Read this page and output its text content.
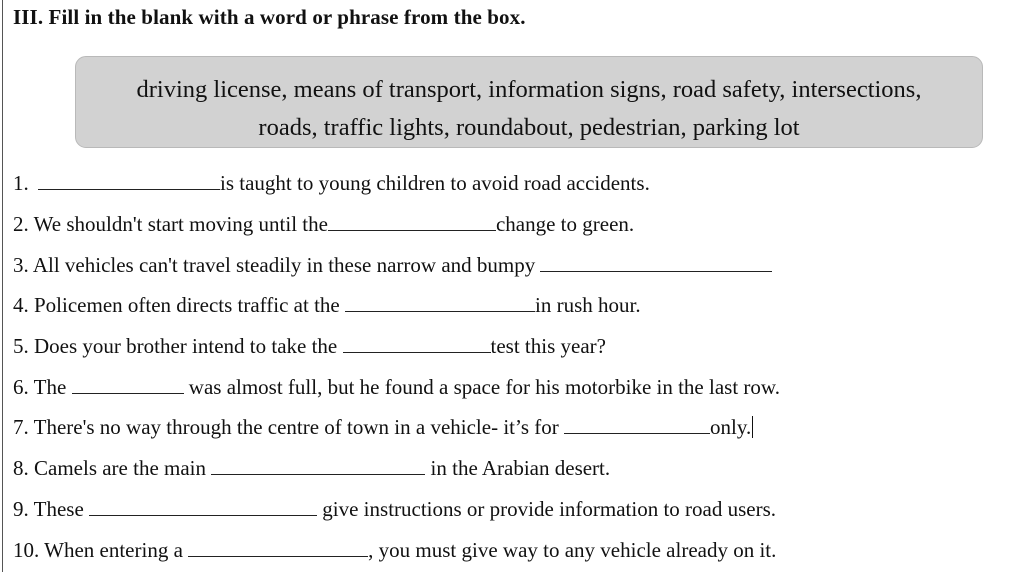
III. Fill in the blank with a word or phrase from the box.
driving license, means of transport, information signs, road safety, intersections,
roads, traffic lights, roundabout, pedestrian, parking lot
1.	is taught to young children to avoid road accidents.
2. We shouldn't start moving until the	change to green.
3. All vehicles can't travel steadily in these narrow and bumpy
4. Policemen often directs traffic at the	in rush hour.
5. Does your brother intend to take the	test this year?
6. The	was almost full, but he found a space for his motorbike in the last row.
7. There's no way through the centre of town in a vehicle- it’s for	only.
8. Camels are the main	in the Arabian desert.
9. These	give instructions or provide information to road users.
10. When entering a	, you must give way to any vehicle already on it.
